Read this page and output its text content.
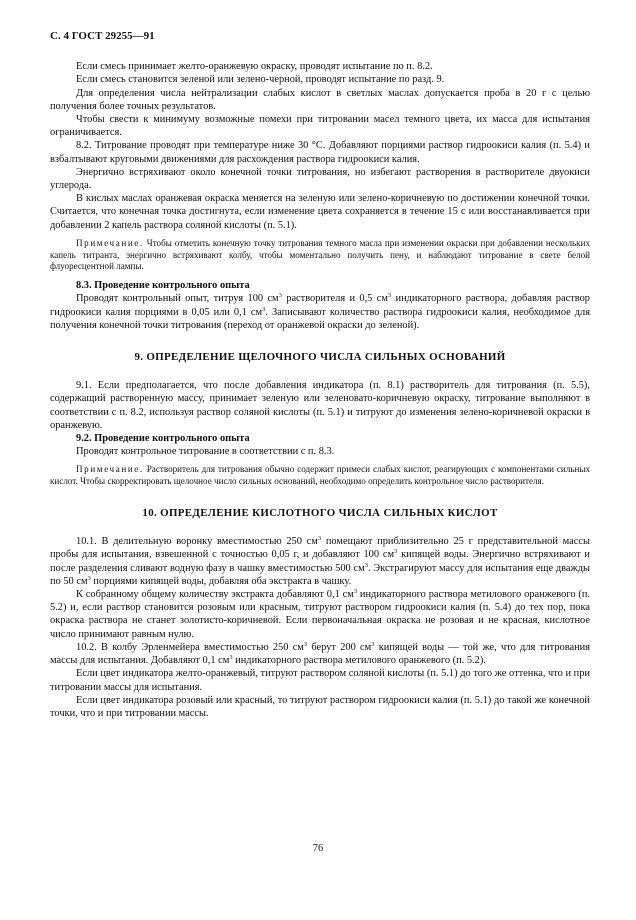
С. 4 ГОСТ 29255—91

Если смесь принимает желто-оранжевую окраску, проводят испытание по п. 8.2.

Если смесь становится зеленой или зелено-черной, проводят испытание по разд. 9.

Для определения числа нейтрализации слабых кислот в светлых маслах допускается проба в 20 г с целью получения более точных результатов.

Чтобы свести к минимуму возможные помехи при титровании масел темного цвета, их масса для испытания ограничивается.

8.2. Титрование проводят при температуре ниже 30 °С. Добавляют порциями раствор гидроокиси калия (п. 5.4) и взбалтывают круговыми движениями для расхождения раствора гидроокиси калия.

Энергично встряхивают около конечной точки титрования, но избегают растворения в растворителе двуокиси углерода.

В кислых маслах оранжевая окраска меняется на зеленую или зелено-коричневую по достижении конечной точки. Считается, что конечная точка достигнута, если изменение цвета сохраняется в течение 15 с или восстанавливается при добавлении 2 капель раствора соляной кислоты (п. 5.1).

Примечание. Чтобы отметить конечную точку титрования темного масла при изменении окраски при добавлении нескольких капель титранта, энергично встряхивают колбу, чтобы моментально получить пену, и наблюдают титрование в свете белой флуоресцентной лампы.

8.3. Проведение контрольного опыта

Проводят контрольный опыт, титруя 100 $см^3$ растворителя и 0,5 $см^3$ индикаторного раствора, добавляя раствор гидроокиси калия порциями в 0,05 или 0,1 $см^3$. Записывают количество раствора гидроокиси калия, необходимое для получения конечной точки титрования (переход от оранжевой окраски до зеленой).

9. ОПРЕДЕЛЕНИЕ ЩЕЛОЧНОГО ЧИСЛА СИЛЬНЫХ ОСНОВАНИЙ

9.1. Если предполагается, что после добавления индикатора (п. 8.1) растворитель для титрования (п. 5.5), содержащий растворенную массу, принимает зеленую или зеленовато-коричневую окраску, титрование выполняют в соответствии с п. 8.2, используя раствор соляной кислоты (п. 5.1) и титруют до изменения зелено-коричневой окраски в оранжевую.

9.2. Проведение контрольного опыта

Проводят контрольное титрование в соответствии с п. 8.3.

Примечание. Растворитель для титрования обычно содержит примеси слабых кислот, реагирующих с компонентами сильных кислот. Чтобы скорректировать щелочное число сильных оснований, необходимо определить контрольное число растворителя.

10. ОПРЕДЕЛЕНИЕ КИСЛОТНОГО ЧИСЛА СИЛЬНЫХ КИСЛОТ

10.1. В делительную воронку вместимостью 250 $см^3$ помещают приблизительно 25 г представительной массы пробы для испытания, взвешенной с точностью 0,05 г, и добавляют 100 $см^3$ кипящей воды. Энергично встряхивают и после разделения сливают водную фазу в чашку вместимостью 500 $см^3$. Экстрагируют массу для испытания еще дважды по 50 $см^3$ порциями кипящей воды, добавляя оба экстракта в чашку.

К собранному общему количеству экстракта добавляют 0,1 $см^3$ индикаторного раствора метилового оранжевого (п. 5.2) и, если раствор становится розовым или красным, титруют раствором гидроокиси калия (п. 5.4) до тех пор, пока окраска раствора не станет золотисто-коричневой. Если первоначальная окраска не розовая и не красная, кислотное число принимают равным нулю.

10.2. В колбу Эрленмейера вместимостью 250 $см^3$ берут 200 $см^3$ кипящей воды — той же, что для титрования массы для испытания. Добавляют 0,1 $см^3$ индикаторного раствора метилового оранжевого (п. 5.2).

Если цвет индикатора желто-оранжевый, титруют раствором соляной кислоты (п. 5.1) до того же оттенка, что и при титровании массы для испытания.

Если цвет индикатора розовый или красный, то титруют раствором гидроокиси калия (п. 5.1) до такой же конечной точки, что и при титровании массы.

76
